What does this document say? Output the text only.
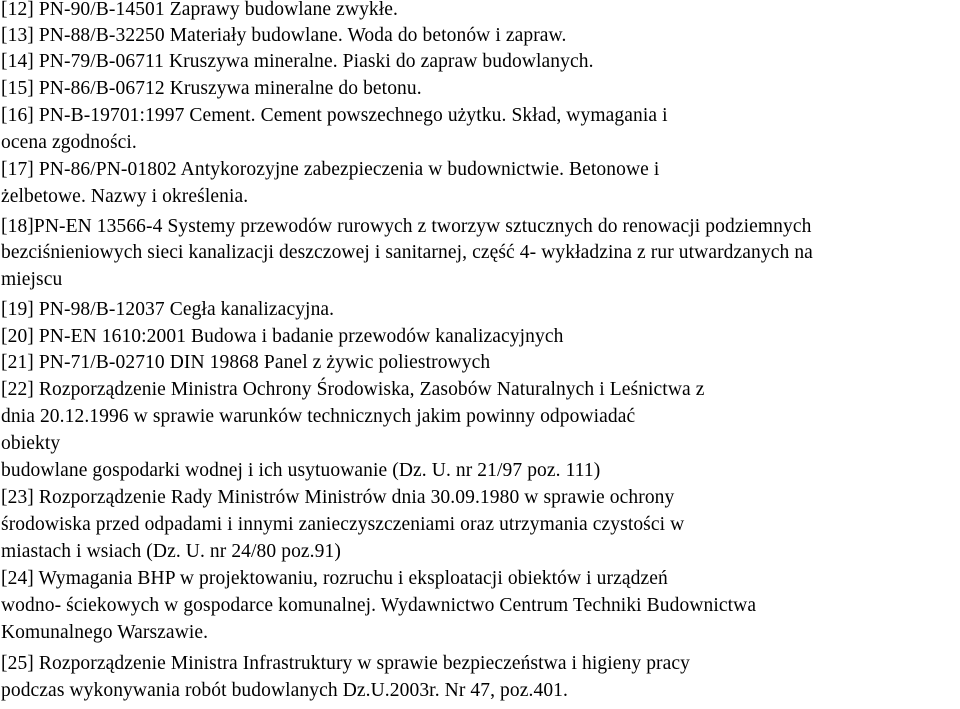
[12] PN-90/B-14501 Zaprawy budowlane zwykłe.
[13] PN-88/B-32250 Materiały budowlane. Woda do betonów i zapraw.
[14] PN-79/B-06711 Kruszywa mineralne. Piaski do zapraw budowlanych.
[15] PN-86/B-06712 Kruszywa mineralne do betonu.
[16] PN-B-19701:1997 Cement. Cement powszechnego użytku. Skład, wymagania i
ocena zgodności.
[17] PN-86/PN-01802 Antykorozyjne zabezpieczenia w budownictwie. Betonowe i
żelbetowe. Nazwy i określenia.
[18]PN-EN 13566-4 Systemy przewodów rurowych z tworzyw sztucznych do renowacji podziemnych
bezciśnieniowych sieci kanalizacji deszczowej i sanitarnej, część 4- wykładzina z rur utwardzanych na
miejscu
[19] PN-98/B-12037 Cegła kanalizacyjna.
[20] PN-EN 1610:2001 Budowa i badanie przewodów kanalizacyjnych
[21] PN-71/B-02710 DIN 19868 Panel z żywic poliestrowych
[22] Rozporządzenie Ministra Ochrony Środowiska, Zasobów Naturalnych i Leśnictwa z
dnia 20.12.1996 w sprawie warunków technicznych jakim powinny odpowiadać
obiekty
budowlane gospodarki wodnej i ich usytuowanie (Dz. U. nr 21/97 poz. 111)
[23] Rozporządzenie Rady Ministrów Ministrów dnia 30.09.1980 w sprawie ochrony
środowiska przed odpadami i innymi zanieczyszczeniami oraz utrzymania czystości w
miastach i wsiach (Dz. U. nr 24/80 poz.91)
[24] Wymagania BHP w projektowaniu, rozruchu i eksploatacji obiektów i urządzeń
wodno- ściekowych w gospodarce komunalnej. Wydawnictwo Centrum Techniki Budownictwa
Komunalnego Warszawie.
[25] Rozporządzenie Ministra Infrastruktury w sprawie bezpieczeństwa i higieny pracy
podczas wykonywania robót budowlanych Dz.U.2003r. Nr 47, poz.401.
